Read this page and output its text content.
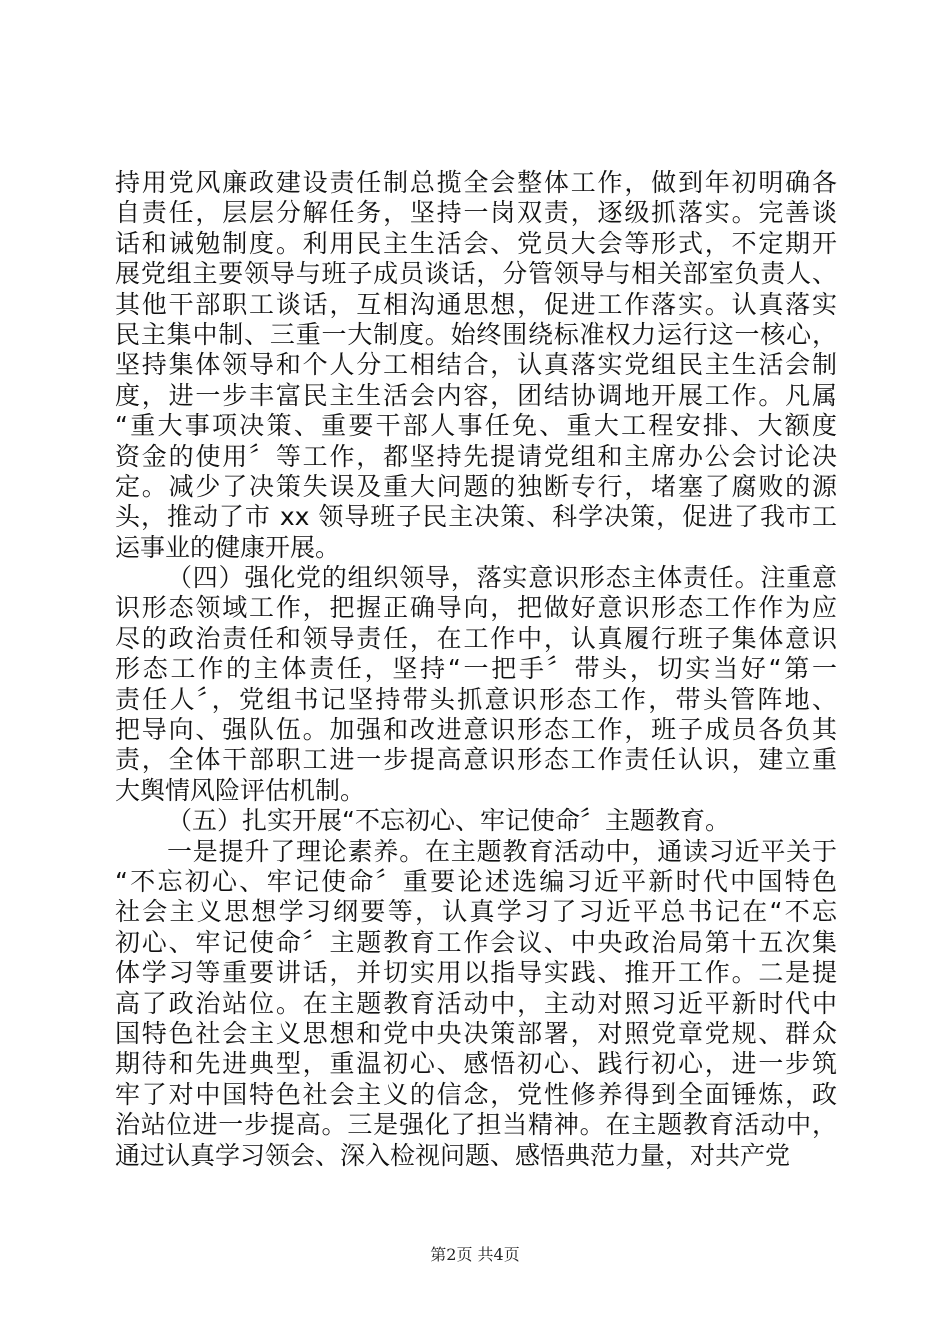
持用党风廉政建设责任制总揽全会整体工作，做到年初明确各
自责任，层层分解任务，坚持一岗双责，逐级抓落实。完善谈
话和诫勉制度。利用民主生活会、党员大会等形式，不定期开
展党组主要领导与班子成员谈话，分管领导与相关部室负责人、
其他干部职工谈话，互相沟通思想，促进工作落实。认真落实
民主集中制、三重一大制度。始终围绕标准权力运行这一核心，
坚持集体领导和个人分工相结合，认真落实党组民主生活会制
度，进一步丰富民主生活会内容，团结协调地开展工作。凡属
“重大事项决策、重要干部人事任免、重大工程安排、大额度
资金的使用〞等工作，都坚持先提请党组和主席办公会讨论决
定。减少了决策失误及重大问题的独断专行，堵塞了腐败的源
头，推动了市 xx 领导班子民主决策、科学决策，促进了我市工
运事业的健康开展。
（四）强化党的组织领导，落实意识形态主体责任。注重意
识形态领域工作，把握正确导向，把做好意识形态工作作为应
尽的政治责任和领导责任，在工作中，认真履行班子集体意识
形态工作的主体责任，坚持“一把手〞带头，切实当好“第一
责任人〞，党组书记坚持带头抓意识形态工作，带头管阵地、
把导向、强队伍。加强和改进意识形态工作，班子成员各负其
责，全体干部职工进一步提高意识形态工作责任认识，建立重
大舆情风险评估机制。
（五）扎实开展“不忘初心、牢记使命〞主题教育。
一是提升了理论素养。在主题教育活动中，通读习近平关于
“不忘初心、牢记使命〞重要论述选编习近平新时代中国特色
社会主义思想学习纲要等，认真学习了习近平总书记在“不忘
初心、牢记使命〞主题教育工作会议、中央政治局第十五次集
体学习等重要讲话，并切实用以指导实践、推开工作。二是提
高了政治站位。在主题教育活动中，主动对照习近平新时代中
国特色社会主义思想和党中央决策部署，对照党章党规、群众
期待和先进典型，重温初心、感悟初心、践行初心，进一步筑
牢了对中国特色社会主义的信念，党性修养得到全面锤炼，政
治站位进一步提高。三是强化了担当精神。在主题教育活动中，
通过认真学习领会、深入检视问题、感悟典范力量，对共产党
第2页 共4页
